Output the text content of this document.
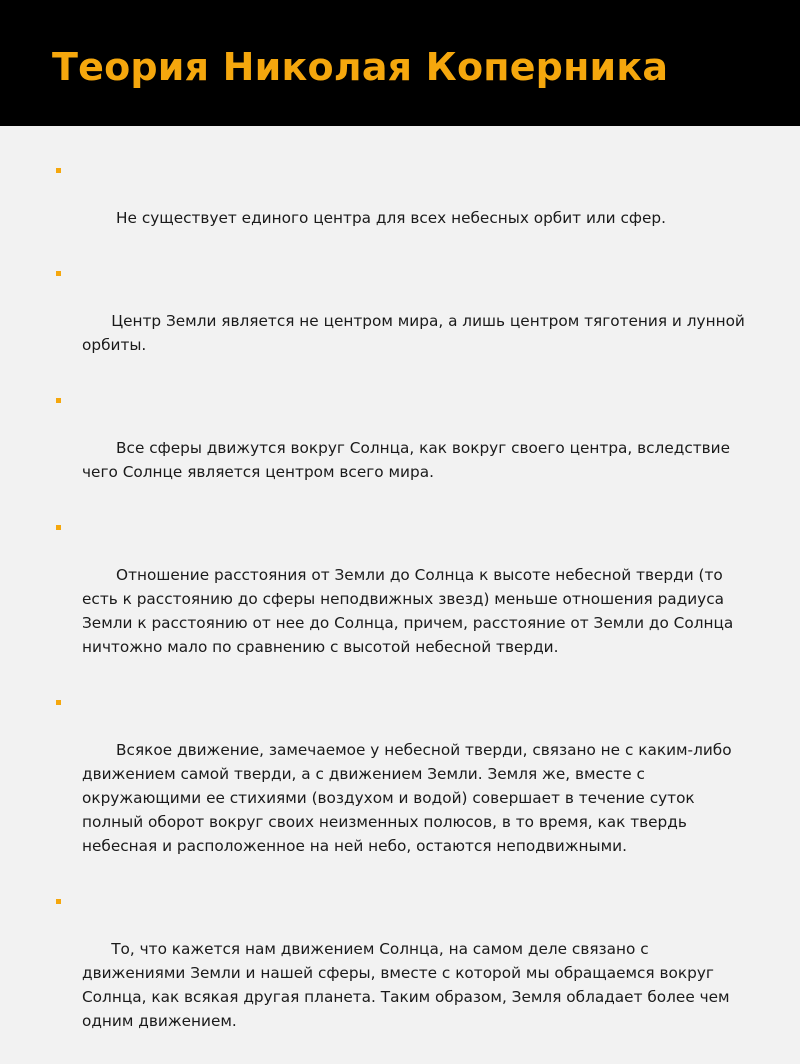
Теория Николая Коперника

Не существует единого центра для всех небесных орбит или сфер.

Центр Земли является не центром мира, а лишь центром тяготения и лунной орбиты.

Все сферы движутся вокруг Солнца, как вокруг своего центра, вследствие чего Солнце является центром всего мира.

Отношение расстояния от Земли до Солнца к высоте небесной тверди (то есть к расстоянию до сферы неподвижных звезд) меньше отношения радиуса Земли к расстоянию от нее до Солнца, причем, расстояние от Земли до Солнца ничтожно мало по сравнению с высотой небесной тверди.

Всякое движение, замечаемое у небесной тверди, связано не с каким-либо движением самой тверди, а с движением Земли. Земля же, вместе с окружающими ее стихиями (воздухом и водой) совершает в течение суток полный оборот вокруг своих неизменных полюсов, в то время, как твердь небесная и расположенное на ней небо, остаются неподвижными.

То, что кажется нам движением Солнца, на самом деле связано с движениями Земли и нашей сферы, вместе с которой мы обращаемся вокруг Солнца, как всякая другая планета. Таким образом, Земля обладает более чем одним движением.
